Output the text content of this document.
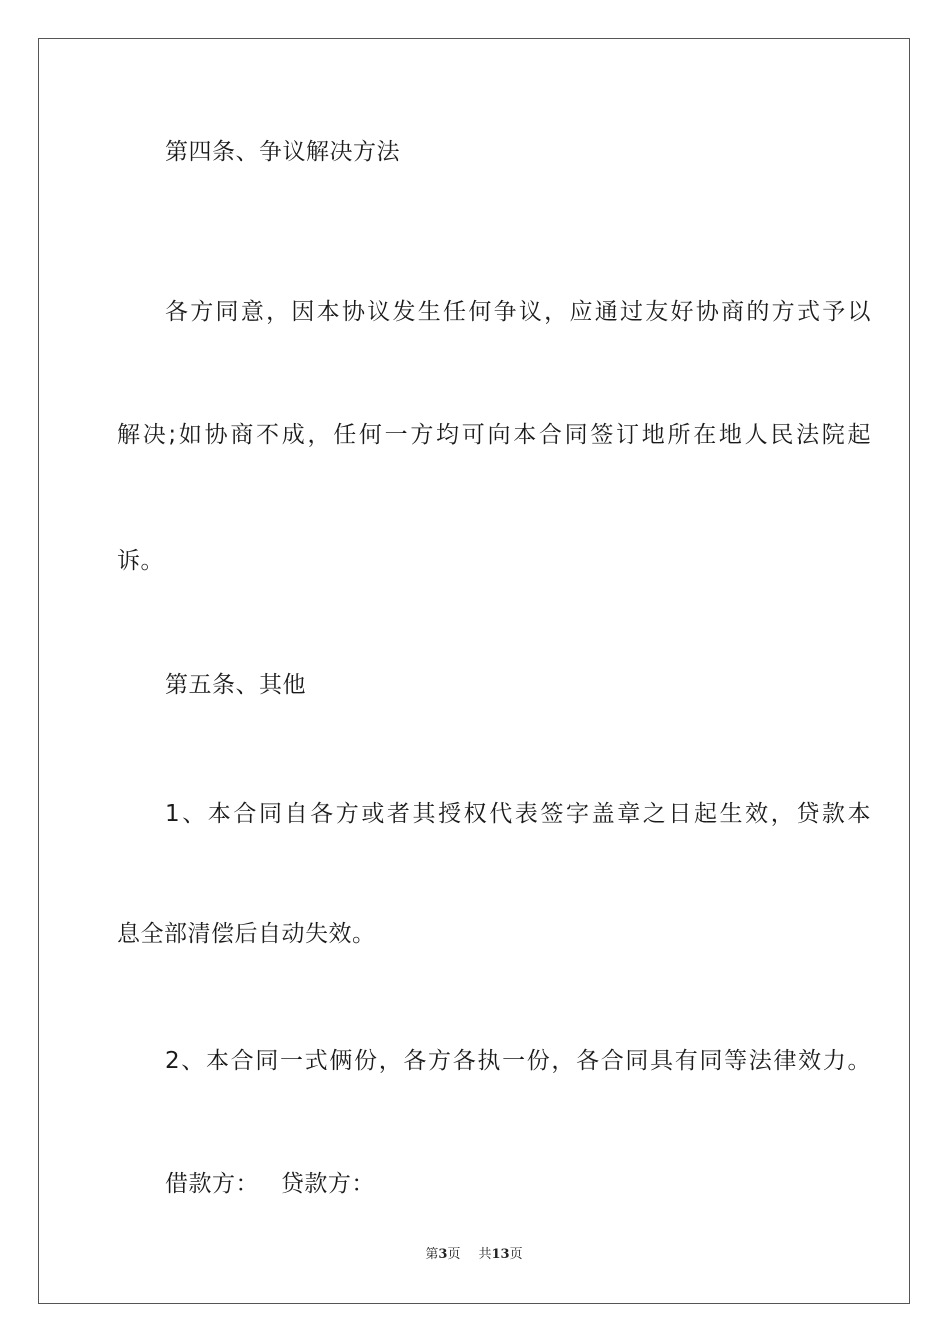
第四条、争议解决方法
各方同意，因本协议发生任何争议，应通过友好协商的方式予以
解决;如协商不成，任何一方均可向本合同签订地所在地人民法院起
诉。
第五条、其他
1、本合同自各方或者其授权代表签字盖章之日起生效，贷款本
息全部清偿后自动失效。
2、本合同一式俩份，各方各执一份，各合同具有同等法律效力。
借款方： 贷款方：
第3页 共13页
